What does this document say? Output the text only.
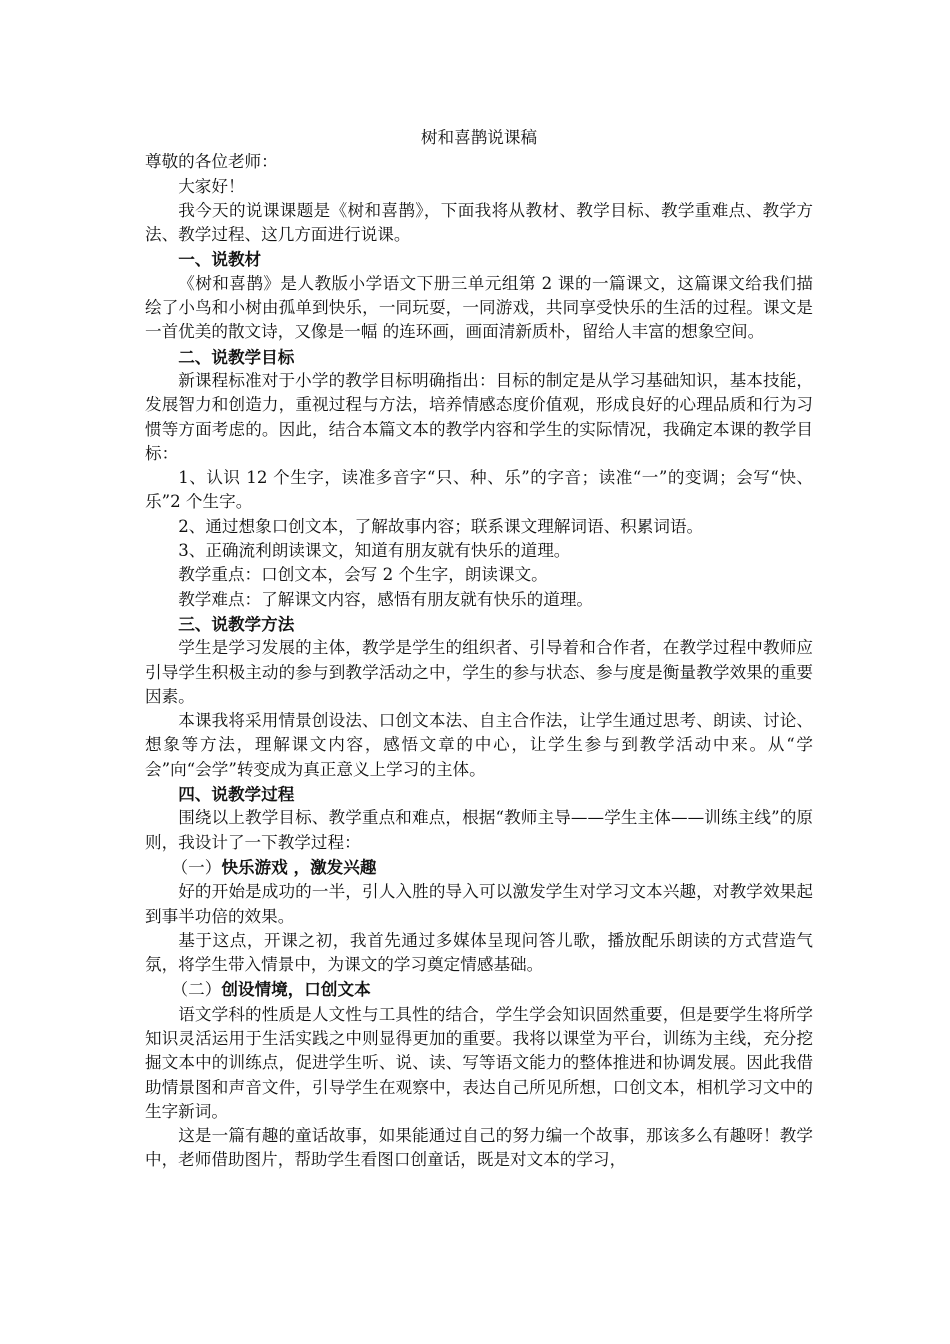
树和喜鹊说课稿

尊敬的各位老师：

大家好！

我今天的说课课题是《树和喜鹊》，下面我将从教材、教学目标、教学重难点、教学方法、教学过程、这几方面进行说课。

一、说教材

《树和喜鹊》是人教版小学语文下册三单元组第 2 课的一篇课文，这篇课文给我们描绘了小鸟和小树由孤单到快乐，一同玩耍，一同游戏，共同享受快乐的生活的过程。课文是一首优美的散文诗，又像是一幅 的连环画，画面清新质朴，留给人丰富的想象空间。

二、说教学目标

新课程标准对于小学的教学目标明确指出：目标的制定是从学习基础知识，基本技能，发展智力和创造力，重视过程与方法，培养情感态度价值观，形成良好的心理品质和行为习惯等方面考虑的。因此，结合本篇文本的教学内容和学生的实际情况，我确定本课的教学目标：

1、认识 12 个生字，读准多音字“只、种、乐”的字音；读准“一”的变调；会写“快、乐”2 个生字。

2、通过想象口创文本，了解故事内容；联系课文理解词语、积累词语。

3、正确流利朗读课文，知道有朋友就有快乐的道理。

教学重点：口创文本，会写 2 个生字，朗读课文。

教学难点：了解课文内容，感悟有朋友就有快乐的道理。

三、说教学方法

学生是学习发展的主体，教学是学生的组织者、引导着和合作者，在教学过程中教师应引导学生积极主动的参与到教学活动之中，学生的参与状态、参与度是衡量教学效果的重要因素。

本课我将采用情景创设法、口创文本法、自主合作法，让学生通过思考、朗读、讨论、想象等方法，理解课文内容，感悟文章的中心，让学生参与到教学活动中来。从“学会”向“会学”转变成为真正意义上学习的主体。

四、说教学过程

围绕以上教学目标、教学重点和难点，根据“教师主导——学生主体——训练主线”的原则，我设计了一下教学过程：

（一）快乐游戏 ，激发兴趣

好的开始是成功的一半，引人入胜的导入可以激发学生对学习文本兴趣，对教学效果起到事半功倍的效果。

基于这点，开课之初，我首先通过多媒体呈现问答儿歌，播放配乐朗读的方式营造气氛，将学生带入情景中，为课文的学习奠定情感基础。

（二）创设情境，口创文本

语文学科的性质是人文性与工具性的结合，学生学会知识固然重要，但是要学生将所学知识灵活运用于生活实践之中则显得更加的重要。我将以课堂为平台，训练为主线，充分挖掘文本中的训练点，促进学生听、说、读、写等语文能力的整体推进和协调发展。因此我借助情景图和声音文件，引导学生在观察中，表达自己所见所想，口创文本，相机学习文中的生字新词。

这是一篇有趣的童话故事，如果能通过自己的努力编一个故事，那该多么有趣呀！教学中，老师借助图片，帮助学生看图口创童话，既是对文本的学习，
